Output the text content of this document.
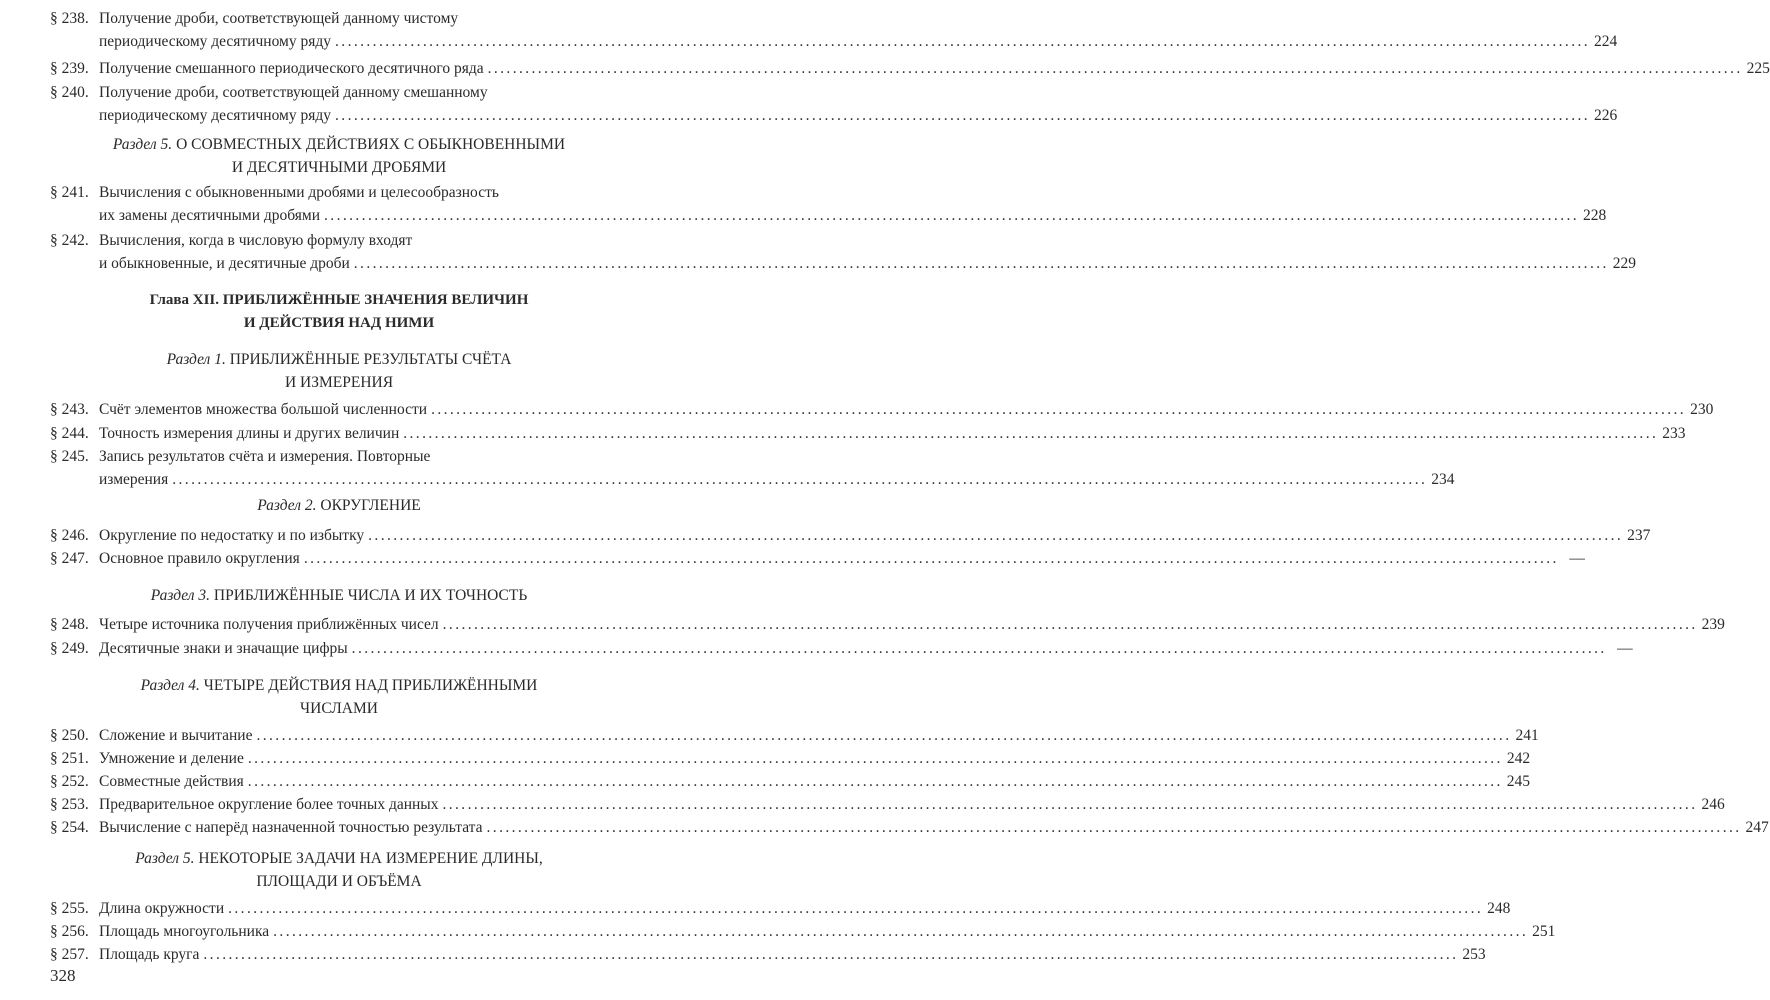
§ 238. Получение дроби, соответствующей данному чистому
периодическому десятичному ряду ........................................................................................................................................................................................................ 224
§ 239. Получение смешанного периодического десятичного ряда ........................................................................................................................................................................................................ 225
§ 240. Получение дроби, соответствующей данному смешанному
периодическому десятичному ряду ........................................................................................................................................................................................................ 226
Раздел 5. О СОВМЕСТНЫХ ДЕЙСТВИЯХ С ОБЫКНОВЕННЫМИ
И ДЕСЯТИЧНЫМИ ДРОБЯМИ
§ 241. Вычисления с обыкновенными дробями и целесообразность
их замены десятичными дробями ........................................................................................................................................................................................................ 228
§ 242. Вычисления, когда в числовую формулу входят
и обыкновенные, и десятичные дроби ........................................................................................................................................................................................................ 229
Глава XII. ПРИБЛИЖЁННЫЕ ЗНАЧЕНИЯ ВЕЛИЧИН
И ДЕЙСТВИЯ НАД НИМИ
Раздел 1. ПРИБЛИЖЁННЫЕ РЕЗУЛЬТАТЫ СЧЁТА
И ИЗМЕРЕНИЯ
§ 243. Счёт элементов множества большой численности ........................................................................................................................................................................................................ 230
§ 244. Точность измерения длины и других величин ........................................................................................................................................................................................................ 233
§ 245. Запись результатов счёта и измерения. Повторные
измерения ........................................................................................................................................................................................................ 234
Раздел 2. ОКРУГЛЕНИЕ
§ 246. Округление по недостатку и по избытку ........................................................................................................................................................................................................ 237
§ 247. Основное правило округления ........................................................................................................................................................................................................ —
Раздел 3. ПРИБЛИЖЁННЫЕ ЧИСЛА И ИХ ТОЧНОСТЬ
§ 248. Четыре источника получения приближённых чисел ........................................................................................................................................................................................................ 239
§ 249. Десятичные знаки и значащие цифры ........................................................................................................................................................................................................ —
Раздел 4. ЧЕТЫРЕ ДЕЙСТВИЯ НАД ПРИБЛИЖЁННЫМИ
ЧИСЛАМИ
§ 250. Сложение и вычитание ........................................................................................................................................................................................................ 241
§ 251. Умножение и деление ........................................................................................................................................................................................................ 242
§ 252. Совместные действия ........................................................................................................................................................................................................ 245
§ 253. Предварительное округление более точных данных ........................................................................................................................................................................................................ 246
§ 254. Вычисление с наперёд назначенной точностью результата ........................................................................................................................................................................................................ 247
Раздел 5. НЕКОТОРЫЕ ЗАДАЧИ НА ИЗМЕРЕНИЕ ДЛИНЫ,
ПЛОЩАДИ И ОБЪЁМА
§ 255. Длина окружности ........................................................................................................................................................................................................ 248
§ 256. Площадь многоугольника ........................................................................................................................................................................................................ 251
§ 257. Площадь круга ........................................................................................................................................................................................................ 253
328
